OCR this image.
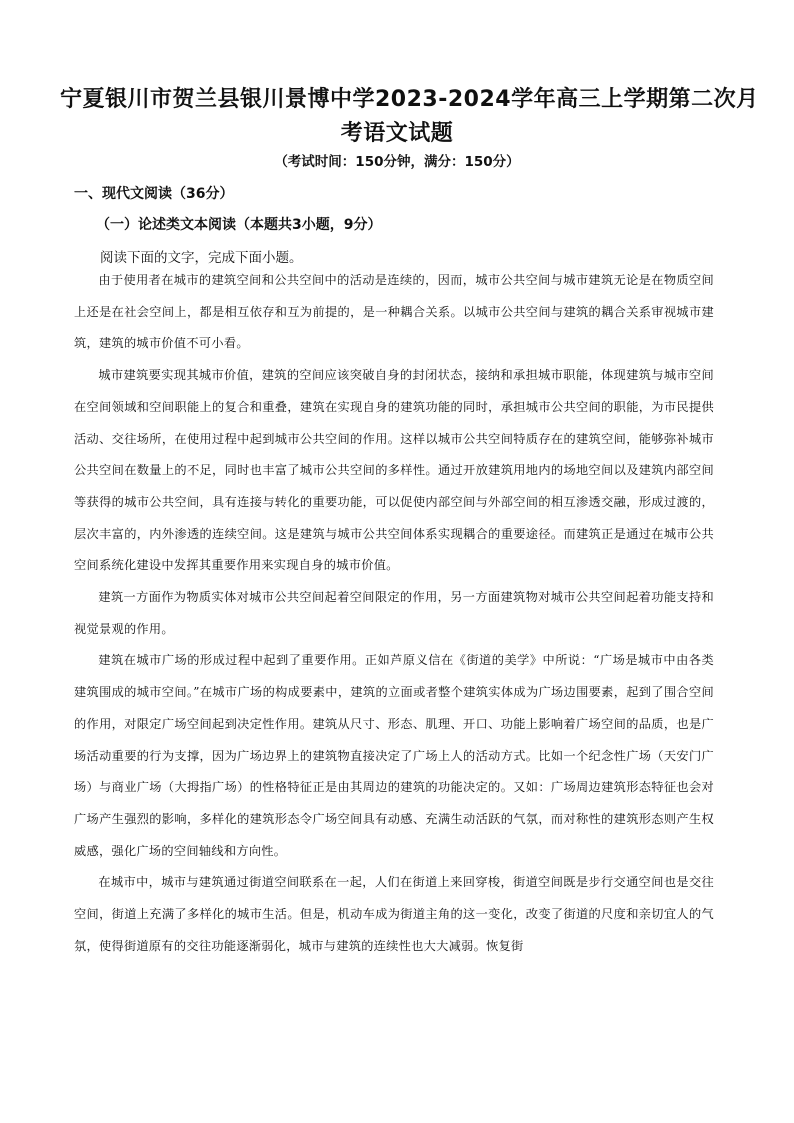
宁夏银川市贺兰县银川景博中学2023-2024学年高三上学期第二次月
考语文试题
（考试时间：150分钟，满分：150分）
一、现代文阅读（36分）
（一）论述类文本阅读（本题共3小题，9分）
阅读下面的文字，完成下面小题。

由于使用者在城市的建筑空间和公共空间中的活动是连续的，因而，城市公共空间与城市建筑无论是在物质空间上还是在社会空间上，都是相互依存和互为前提的，是一种耦合关系。以城市公共空间与建筑的耦合关系审视城市建筑，建筑的城市价值不可小看。

城市建筑要实现其城市价值，建筑的空间应该突破自身的封闭状态，接纳和承担城市职能，体现建筑与城市空间在空间领域和空间职能上的复合和重叠，建筑在实现自身的建筑功能的同时，承担城市公共空间的职能，为市民提供活动、交往场所，在使用过程中起到城市公共空间的作用。这样以城市公共空间特质存在的建筑空间，能够弥补城市公共空间在数量上的不足，同时也丰富了城市公共空间的多样性。通过开放建筑用地内的场地空间以及建筑内部空间等获得的城市公共空间，具有连接与转化的重要功能，可以促使内部空间与外部空间的相互渗透交融，形成过渡的，层次丰富的，内外渗透的连续空间。这是建筑与城市公共空间体系实现耦合的重要途径。而建筑正是通过在城市公共空间系统化建设中发挥其重要作用来实现自身的城市价值。

建筑一方面作为物质实体对城市公共空间起着空间限定的作用，另一方面建筑物对城市公共空间起着功能支持和视觉景观的作用。

建筑在城市广场的形成过程中起到了重要作用。正如芦原义信在《街道的美学》中所说：“广场是城市中由各类建筑围成的城市空间。”在城市广场的构成要素中，建筑的立面或者整个建筑实体成为广场边围要素，起到了围合空间的作用，对限定广场空间起到决定性作用。建筑从尺寸、形态、肌理、开口、功能上影响着广场空间的品质，也是广场活动重要的行为支撑，因为广场边界上的建筑物直接决定了广场上人的活动方式。比如一个纪念性广场（天安门广场）与商业广场（大拇指广场）的性格特征正是由其周边的建筑的功能决定的。又如：广场周边建筑形态特征也会对广场产生强烈的影响，多样化的建筑形态令广场空间具有动感、充满生动活跃的气氛，而对称性的建筑形态则产生权威感，强化广场的空间轴线和方向性。

在城市中，城市与建筑通过街道空间联系在一起，人们在街道上来回穿梭，街道空间既是步行交通空间也是交往空间，街道上充满了多样化的城市生活。但是，机动车成为街道主角的这一变化，改变了街道的尺度和亲切宜人的气氛，使得街道原有的交往功能逐渐弱化，城市与建筑的连续性也大大减弱。恢复街
